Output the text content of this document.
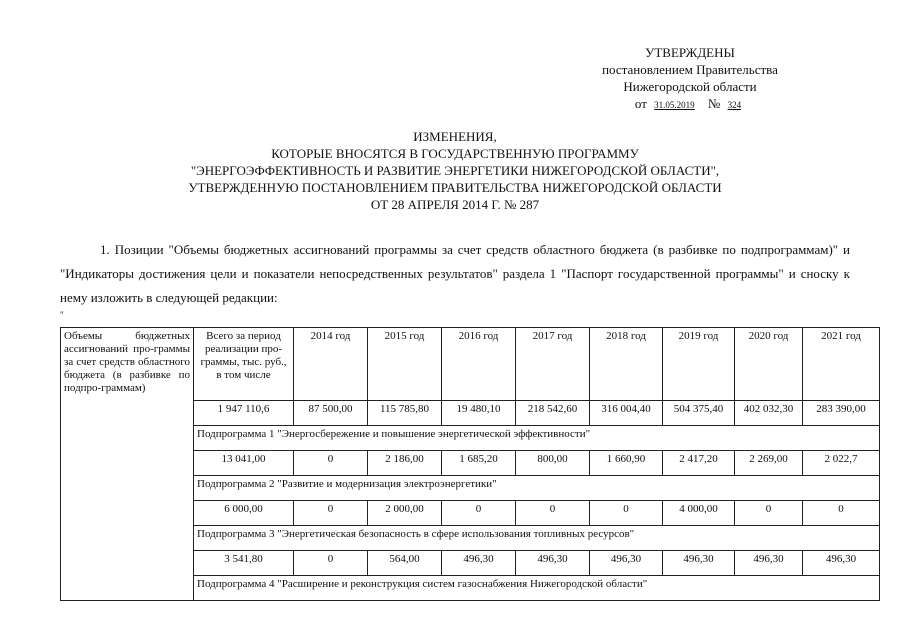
УТВЕРЖДЕНЫ
постановлением Правительства
Нижегородской области
от 31.05.2019 № 324
ИЗМЕНЕНИЯ,
КОТОРЫЕ ВНОСЯТСЯ В ГОСУДАРСТВЕННУЮ ПРОГРАММУ
"ЭНЕРГОЭФФЕКТИВНОСТЬ И РАЗВИТИЕ ЭНЕРГЕТИКИ НИЖЕГОРОДСКОЙ ОБЛАСТИ",
УТВЕРЖДЕННУЮ ПОСТАНОВЛЕНИЕМ ПРАВИТЕЛЬСТВА НИЖЕГОРОДСКОЙ ОБЛАСТИ
ОТ 28 АПРЕЛЯ 2014 Г. № 287
1. Позиции "Объемы бюджетных ассигнований программы за счет средств областного бюджета (в разбивке по подпрограммам)" и "Индикаторы достижения цели и показатели непосредственных результатов" раздела 1 "Паспорт государственной программы" и сноску к нему изложить в следующей редакции:
"
Объемы бюджетных ассигнований про-граммы за счет средств областного бюджета (в разбивке по подпро-граммам)	Всего за период реализации про-граммы, тыс. руб., в том числе	2014 год	2015 год	2016 год	2017 год	2018 год	2019 год	2020 год	2021 год
	1 947 110,6	87 500,00	115 785,80	19 480,10	218 542,60	316 004,40	504 375,40	402 032,30	283 390,00
	Подпрограмма 1 "Энергосбережение и повышение энергетической эффективности"								
	13 041,00	0	2 186,00	1 685,20	800,00	1 660,90	2 417,20	2 269,00	2 022,7
	Подпрограмма 2 "Развитие и модернизация электроэнергетики"								
	6 000,00	0	2 000,00	0	0	0	4 000,00	0	0
	Подпрограмма 3 "Энергетическая безопасность в сфере использования топливных ресурсов"								
	3 541,80	0	564,00	496,30	496,30	496,30	496,30	496,30	496,30
	Подпрограмма 4 "Расширение и реконструкция систем газоснабжения Нижегородской области"								
